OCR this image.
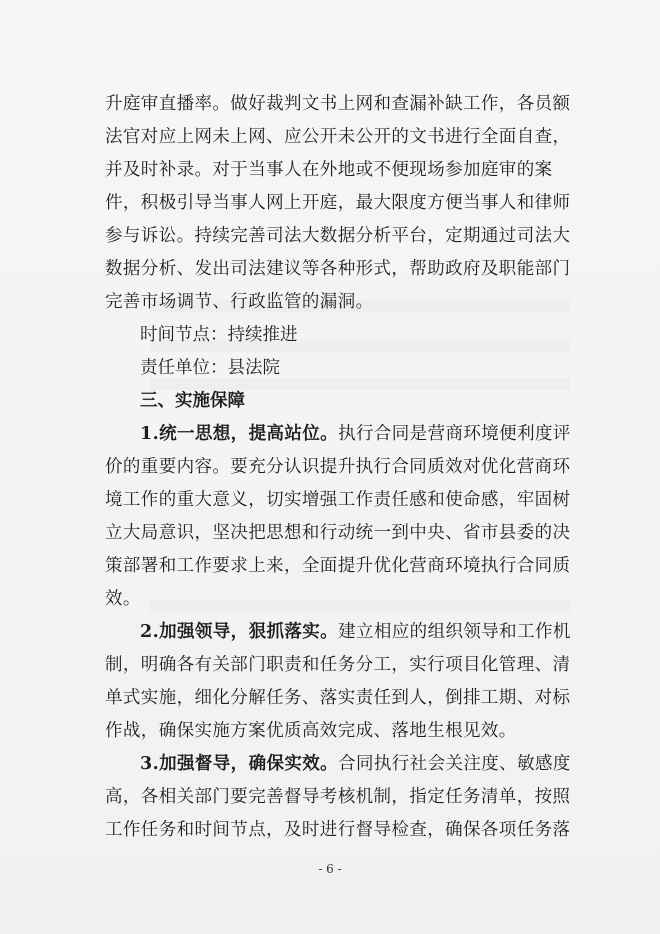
升庭审直播率。做好裁判文书上网和查漏补缺工作，各员额

法官对应上网未上网、应公开未公开的文书进行全面自查，

并及时补录。对于当事人在外地或不便现场参加庭审的案

件，积极引导当事人网上开庭，最大限度方便当事人和律师

参与诉讼。持续完善司法大数据分析平台，定期通过司法大

数据分析、发出司法建议等各种形式，帮助政府及职能部门

完善市场调节、行政监管的漏洞。

时间节点：持续推进

责任单位：县法院

三、实施保障

1.统一思想，提高站位。执行合同是营商环境便利度评

价的重要内容。要充分认识提升执行合同质效对优化营商环

境工作的重大意义，切实增强工作责任感和使命感，牢固树

立大局意识，坚决把思想和行动统一到中央、省市县委的决

策部署和工作要求上来，全面提升优化营商环境执行合同质

效。

2.加强领导，狠抓落实。建立相应的组织领导和工作机

制，明确各有关部门职责和任务分工，实行项目化管理、清

单式实施，细化分解任务、落实责任到人，倒排工期、对标

作战，确保实施方案优质高效完成、落地生根见效。

3.加强督导，确保实效。合同执行社会关注度、敏感度

高，各相关部门要完善督导考核机制，指定任务清单，按照

工作任务和时间节点，及时进行督导检查，确保各项任务落

- 6 -
